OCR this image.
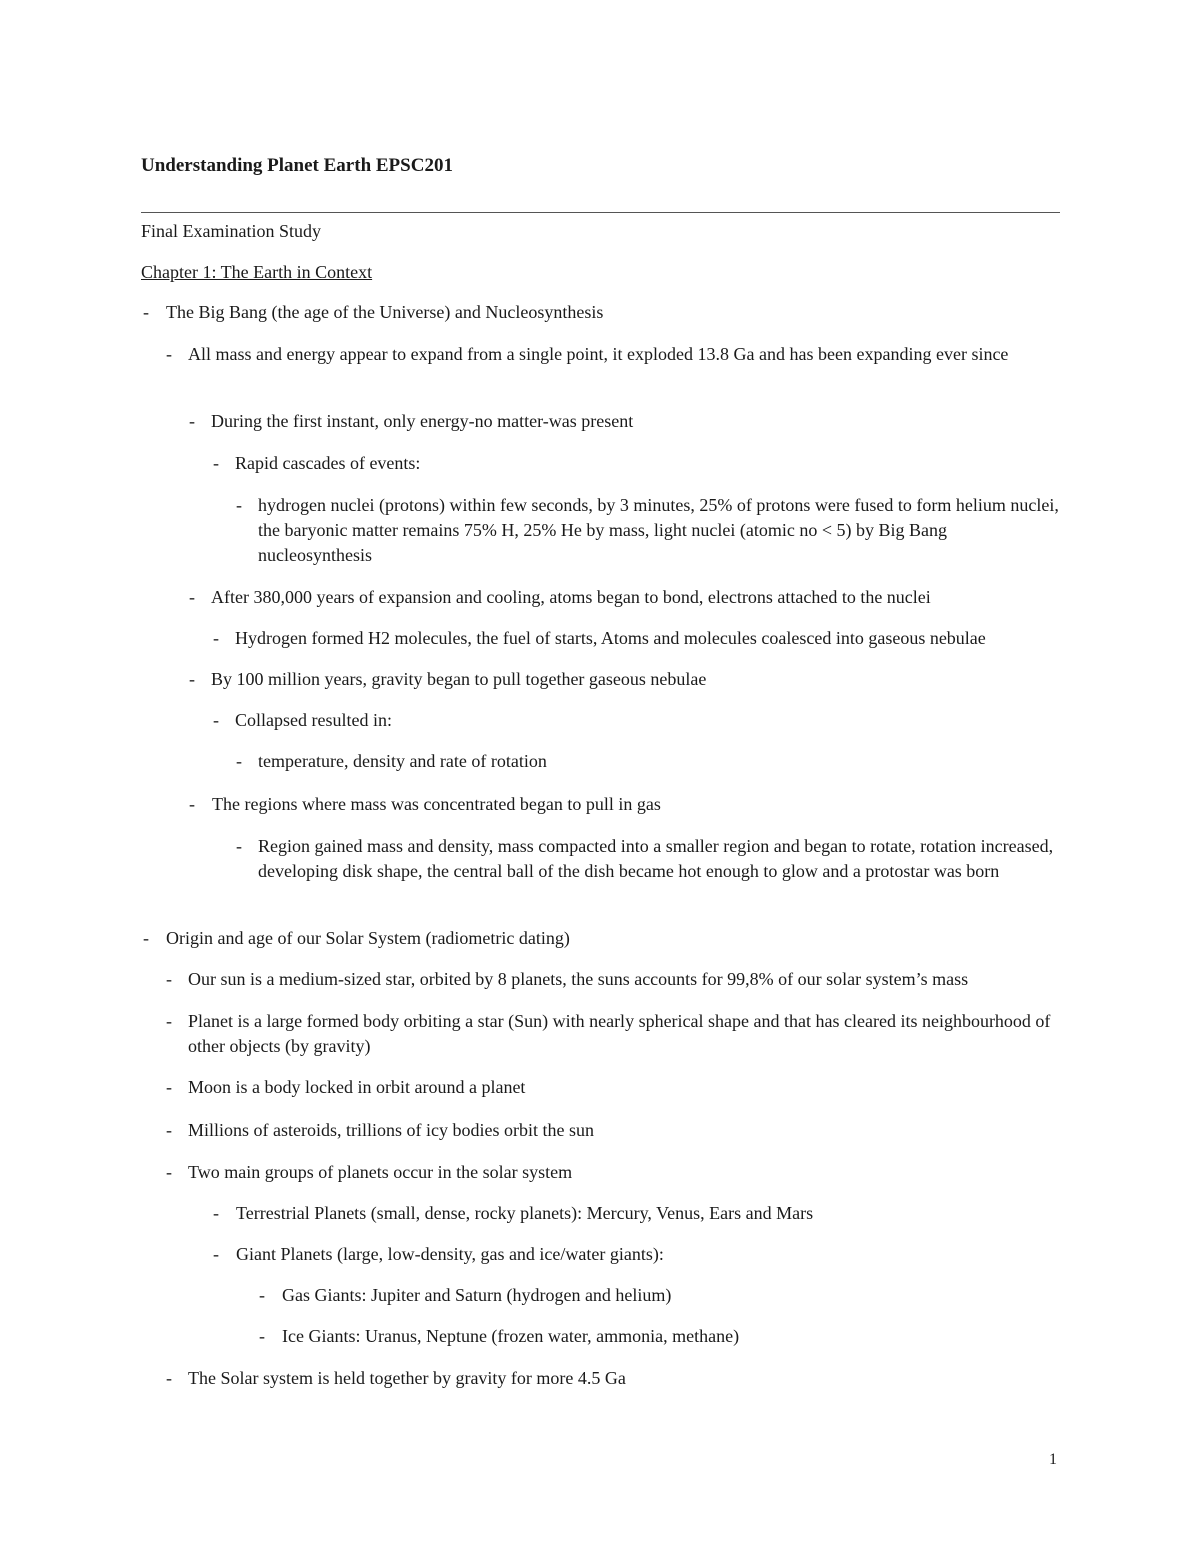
Understanding Planet Earth EPSC201

Final Examination Study

Chapter 1: The Earth in Context

- The Big Bang (the age of the Universe) and Nucleosynthesis
- All mass and energy appear to expand from a single point, it exploded 13.8 Ga and has been expanding ever since
- During the first instant, only energy-no matter-was present
- Rapid cascades of events:
- hydrogen nuclei (protons) within few seconds, by 3 minutes, 25% of protons were fused to form helium nuclei, the baryonic matter remains 75% H, 25% He by mass, light nuclei (atomic no < 5) by Big Bang nucleosynthesis
- After 380,000 years of expansion and cooling, atoms began to bond, electrons attached to the nuclei
- Hydrogen formed H2 molecules, the fuel of starts, Atoms and molecules coalesced into gaseous nebulae
- By 100 million years, gravity began to pull together gaseous nebulae
- Collapsed resulted in:
- temperature, density and rate of rotation
- The regions where mass was concentrated began to pull in gas
- Region gained mass and density, mass compacted into a smaller region and began to rotate, rotation increased, developing disk shape, the central ball of the dish became hot enough to glow and a protostar was born
- Origin and age of our Solar System (radiometric dating)
- Our sun is a medium-sized star, orbited by 8 planets, the suns accounts for 99,8% of our solar system’s mass
- Planet is a large formed body orbiting a star (Sun) with nearly spherical shape and that has cleared its neighbourhood of other objects (by gravity)
- Moon is a body locked in orbit around a planet
- Millions of asteroids, trillions of icy bodies orbit the sun
- Two main groups of planets occur in the solar system
- Terrestrial Planets (small, dense, rocky planets): Mercury, Venus, Ears and Mars
- Giant Planets (large, low-density, gas and ice/water giants):
- Gas Giants: Jupiter and Saturn (hydrogen and helium)
- Ice Giants: Uranus, Neptune (frozen water, ammonia, methane)
- The Solar system is held together by gravity for more 4.5 Ga
1
